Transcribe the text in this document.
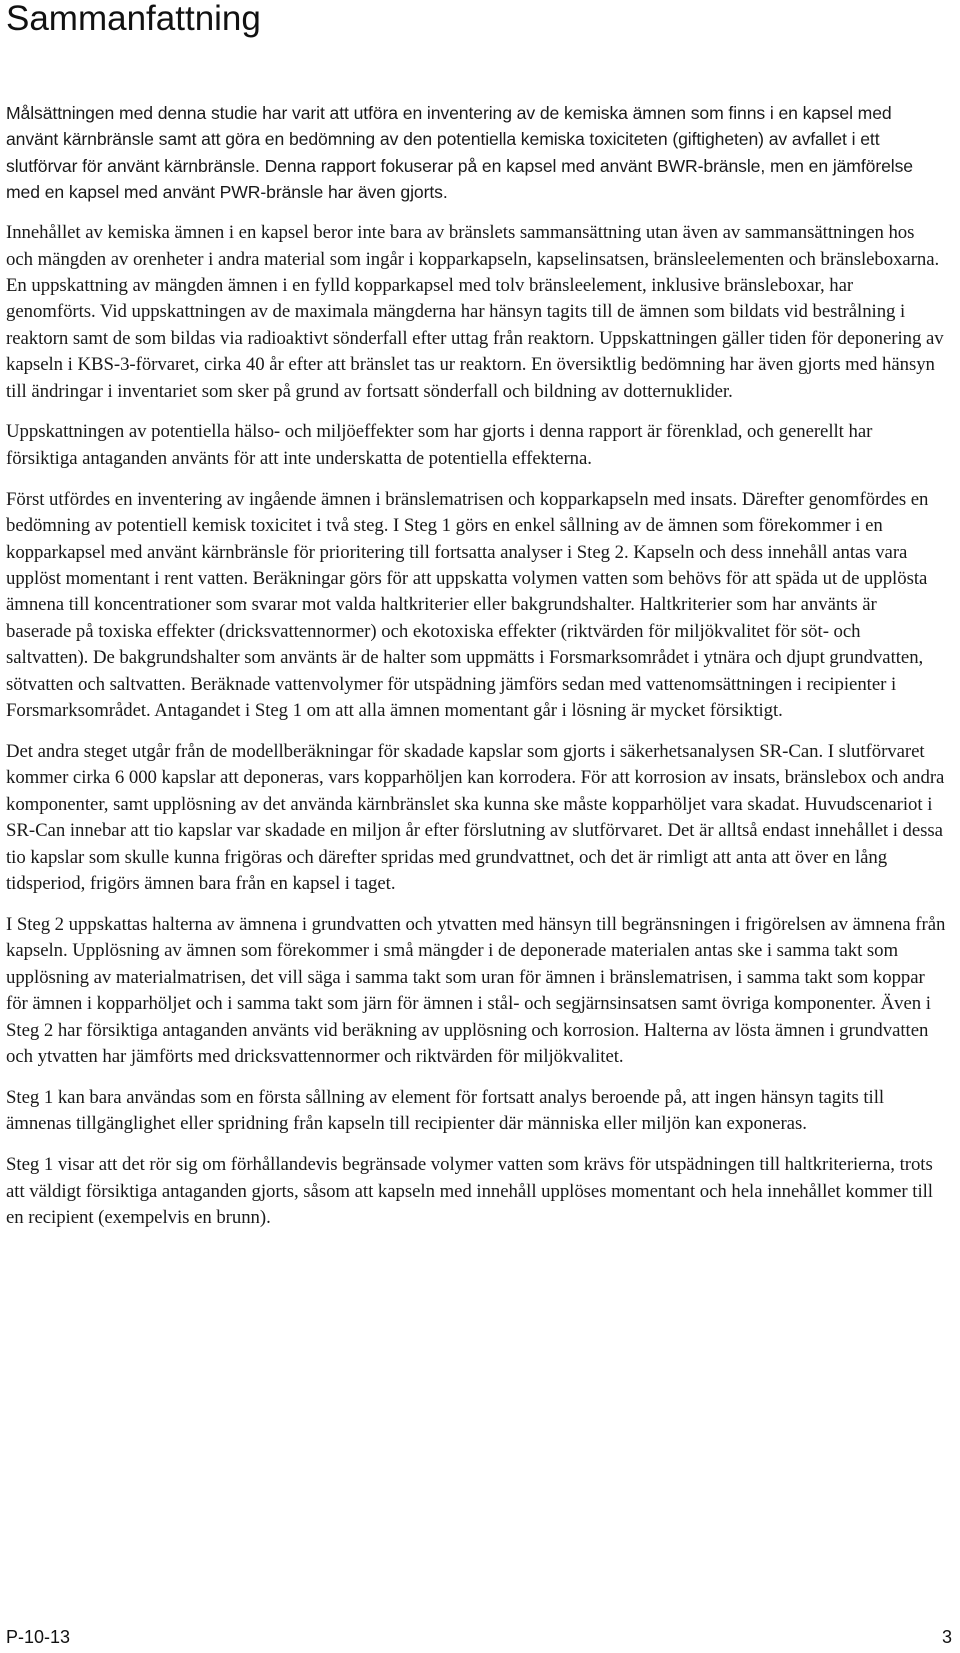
Sammanfattning

Målsättningen med denna studie har varit att utföra en inventering av de kemiska ämnen som finns i en kapsel med använt kärnbränsle samt att göra en bedömning av den potentiella kemiska toxiciteten (giftigheten) av avfallet i ett slutförvar för använt kärnbränsle. Denna rapport fokuserar på en kapsel med använt BWR-bränsle, men en jämförelse med en kapsel med använt PWR-bränsle har även gjorts.

Innehållet av kemiska ämnen i en kapsel beror inte bara av bränslets sammansättning utan även av sammansättningen hos och mängden av orenheter i andra material som ingår i kopparkapseln, kapselinsatsen, bränsleelementen och bränsleboxarna. En uppskattning av mängden ämnen i en fylld kopparkapsel med tolv bränsleelement, inklusive bränsleboxar, har genomförts. Vid uppskattningen av de maximala mängderna har hänsyn tagits till de ämnen som bildats vid bestrålning i reaktorn samt de som bildas via radioaktivt sönderfall efter uttag från reaktorn. Uppskattningen gäller tiden för deponering av kapseln i KBS-3-förvaret, cirka 40 år efter att bränslet tas ur reaktorn. En översiktlig bedömning har även gjorts med hänsyn till ändringar i inventariet som sker på grund av fortsatt sönderfall och bildning av dotternuklider.

Uppskattningen av potentiella hälso- och miljöeffekter som har gjorts i denna rapport är förenklad, och generellt har försiktiga antaganden använts för att inte underskatta de potentiella effekterna.

Först utfördes en inventering av ingående ämnen i bränslematrisen och kopparkapseln med insats. Därefter genomfördes en bedömning av potentiell kemisk toxicitet i två steg. I Steg 1 görs en enkel sållning av de ämnen som förekommer i en kopparkapsel med använt kärnbränsle för prioritering till fortsatta analyser i Steg 2. Kapseln och dess innehåll antas vara upplöst momentant i rent vatten. Beräkningar görs för att uppskatta volymen vatten som behövs för att späda ut de upplösta ämnena till koncentrationer som svarar mot valda haltkriterier eller bakgrundshalter. Haltkriterier som har använts är baserade på toxiska effekter (dricksvattennormer) och ekotoxiska effekter (riktvärden för miljökvalitet för söt- och saltvatten). De bakgrundshalter som använts är de halter som uppmätts i Forsmarksområdet i ytnära och djupt grundvatten, sötvatten och saltvatten. Beräknade vattenvolymer för utspädning jämförs sedan med vattenomsättningen i recipienter i Forsmarksområdet. Antagandet i Steg 1 om att alla ämnen momentant går i lösning är mycket försiktigt.

Det andra steget utgår från de modellberäkningar för skadade kapslar som gjorts i säkerhetsanalysen SR-Can. I slutförvaret kommer cirka 6 000 kapslar att deponeras, vars kopparhöljen kan korrodera. För att korrosion av insats, bränslebox och andra komponenter, samt upplösning av det använda kärnbränslet ska kunna ske måste kopparhöljet vara skadat. Huvudscenariot i SR-Can innebar att tio kapslar var skadade en miljon år efter förslutning av slutförvaret. Det är alltså endast innehållet i dessa tio kapslar som skulle kunna frigöras och därefter spridas med grundvattnet, och det är rimligt att anta att över en lång tidsperiod, frigörs ämnen bara från en kapsel i taget.

I Steg 2 uppskattas halterna av ämnena i grundvatten och ytvatten med hänsyn till begränsningen i frigörelsen av ämnena från kapseln. Upplösning av ämnen som förekommer i små mängder i de deponerade materialen antas ske i samma takt som upplösning av materialmatrisen, det vill säga i samma takt som uran för ämnen i bränslematrisen, i samma takt som koppar för ämnen i kopparhöljet och i samma takt som järn för ämnen i stål- och segjärnsinsatsen samt övriga komponenter. Även i Steg 2 har försiktiga antaganden använts vid beräkning av upplösning och korrosion. Halterna av lösta ämnen i grundvatten och ytvatten har jämförts med dricksvattennormer och riktvärden för miljökvalitet.

Steg 1 kan bara användas som en första sållning av element för fortsatt analys beroende på, att ingen hänsyn tagits till ämnenas tillgänglighet eller spridning från kapseln till recipienter där människa eller miljön kan exponeras.

Steg 1 visar att det rör sig om förhållandevis begränsade volymer vatten som krävs för utspädningen till haltkriterierna, trots att väldigt försiktiga antaganden gjorts, såsom att kapseln med innehåll upplöses momentant och hela innehållet kommer till en recipient (exempelvis en brunn).

P-10-13	3
